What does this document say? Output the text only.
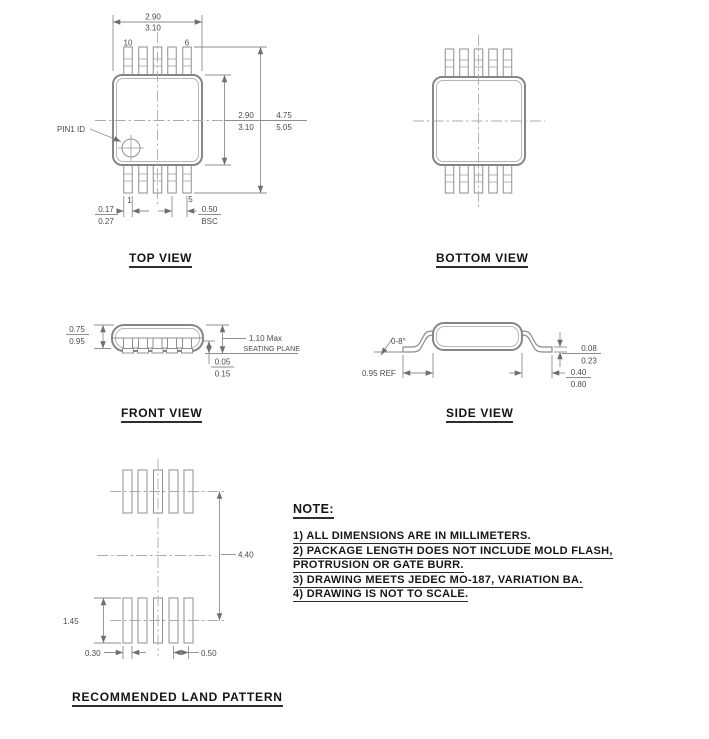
PIN1 ID
10	6
1	5
2.90
3.10
2.90
3.10
4.75
5.05
0.17
0.27
0.50
BSC
0.75
0.95	1.10 Max
SEATING PLANE
0.05
0.15
0-8°
0.95 REF
0.08
0.23
0.40
0.80
4.40
1.45
0.30	0.50
TOP VIEW	BOTTOM VIEW
FRONT VIEW	SIDE VIEW
RECOMMENDED LAND PATTERN
NOTE:
1) ALL DIMENSIONS ARE IN MILLIMETERS.
2) PACKAGE LENGTH DOES NOT INCLUDE MOLD FLASH,
PROTRUSION OR GATE BURR.
3) DRAWING MEETS JEDEC MO-187, VARIATION BA.
4) DRAWING IS NOT TO SCALE.
